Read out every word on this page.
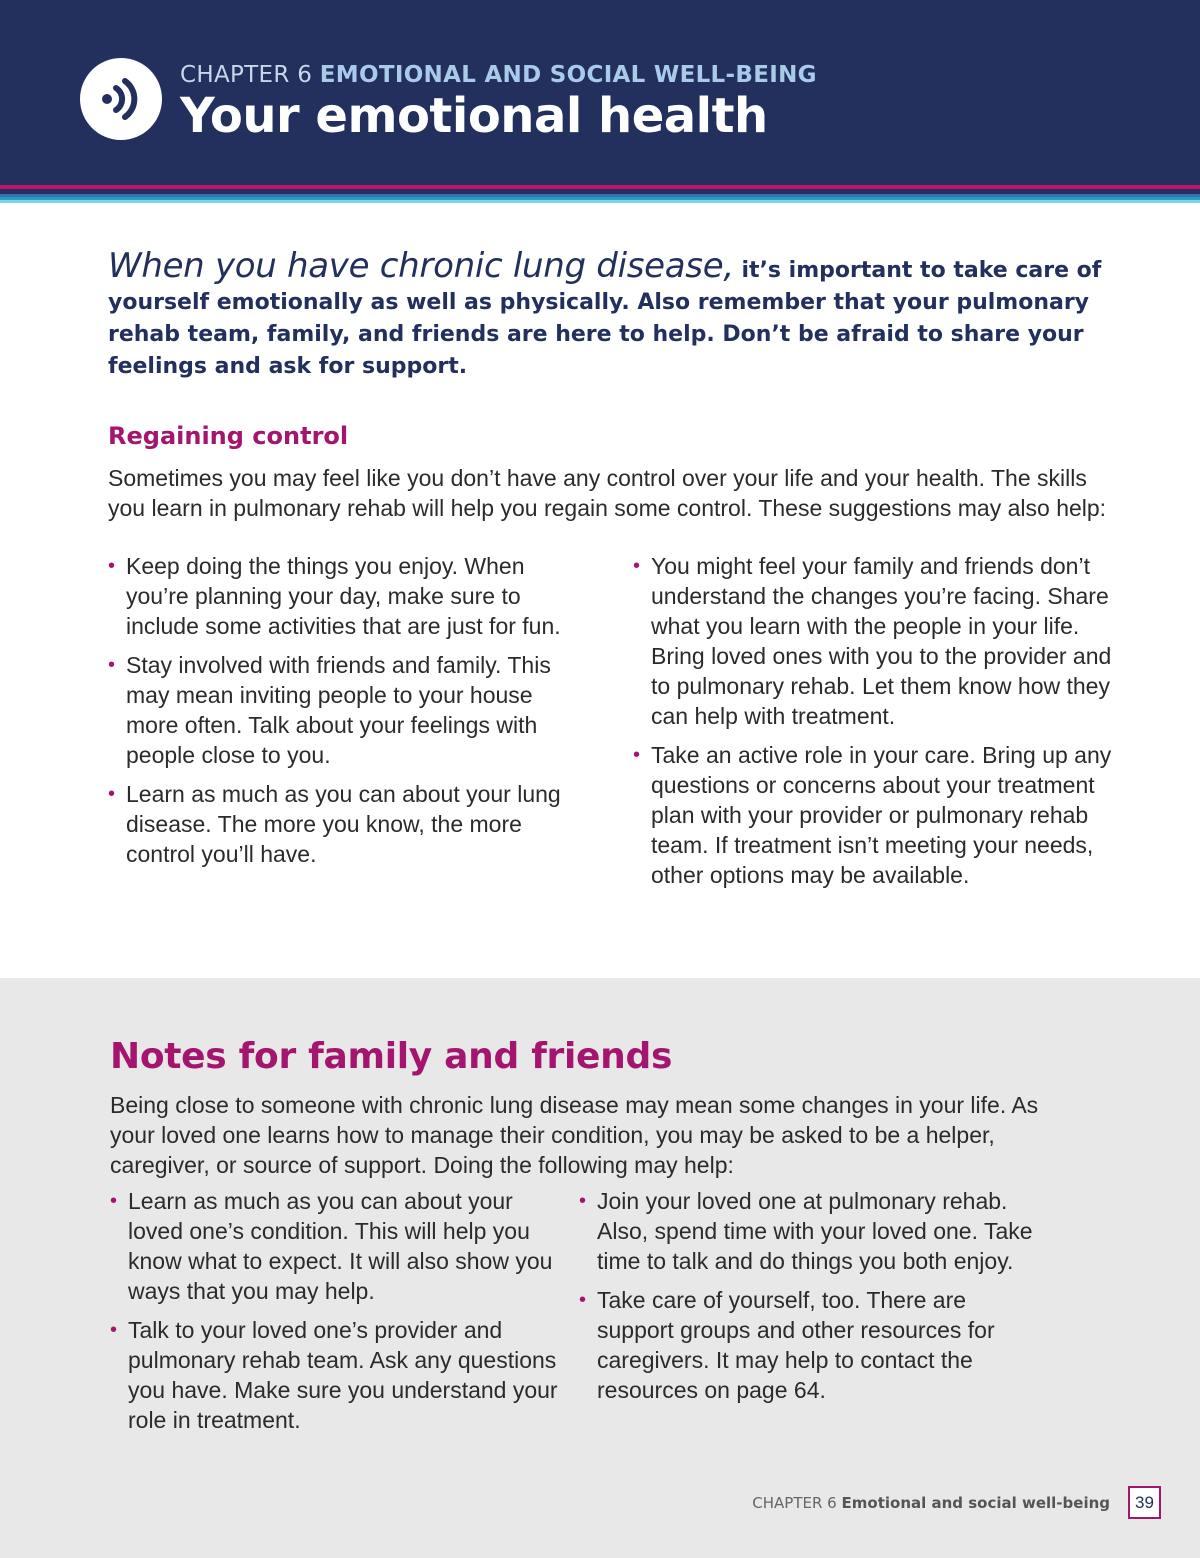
CHAPTER 6 EMOTIONAL AND SOCIAL WELL-BEING
Your emotional health

When you have chronic lung disease, it’s important to take care of yourself emotionally as well as physically. Also remember that your pulmonary rehab team, family, and friends are here to help. Don’t be afraid to share your feelings and ask for support.

Regaining control

Sometimes you may feel like you don’t have any control over your life and your health. The skills you learn in pulmonary rehab will help you regain some control. These suggestions may also help:

• Keep doing the things you enjoy. When you’re planning your day, make sure to include some activities that are just for fun.
• Stay involved with friends and family. This may mean inviting people to your house more often. Talk about your feelings with people close to you.
• Learn as much as you can about your lung disease. The more you know, the more control you’ll have.
• You might feel your family and friends don’t understand the changes you’re facing. Share what you learn with the people in your life. Bring loved ones with you to the provider and to pulmonary rehab. Let them know how they can help with treatment.
• Take an active role in your care. Bring up any questions or concerns about your treatment plan with your provider or pulmonary rehab team. If treatment isn’t meeting your needs, other options may be available.
Notes for family and friends

Being close to someone with chronic lung disease may mean some changes in your life. As your loved one learns how to manage their condition, you may be asked to be a helper, caregiver, or source of support. Doing the following may help:

• Learn as much as you can about your loved one’s condition. This will help you know what to expect. It will also show you ways that you may help.
• Talk to your loved one’s provider and pulmonary rehab team. Ask any questions you have. Make sure you understand your role in treatment.
• Join your loved one at pulmonary rehab. Also, spend time with your loved one. Take time to talk and do things you both enjoy.
• Take care of yourself, too. There are support groups and other resources for caregivers. It may help to contact the resources on page 64.
CHAPTER 6 Emotional and social well-being	39
